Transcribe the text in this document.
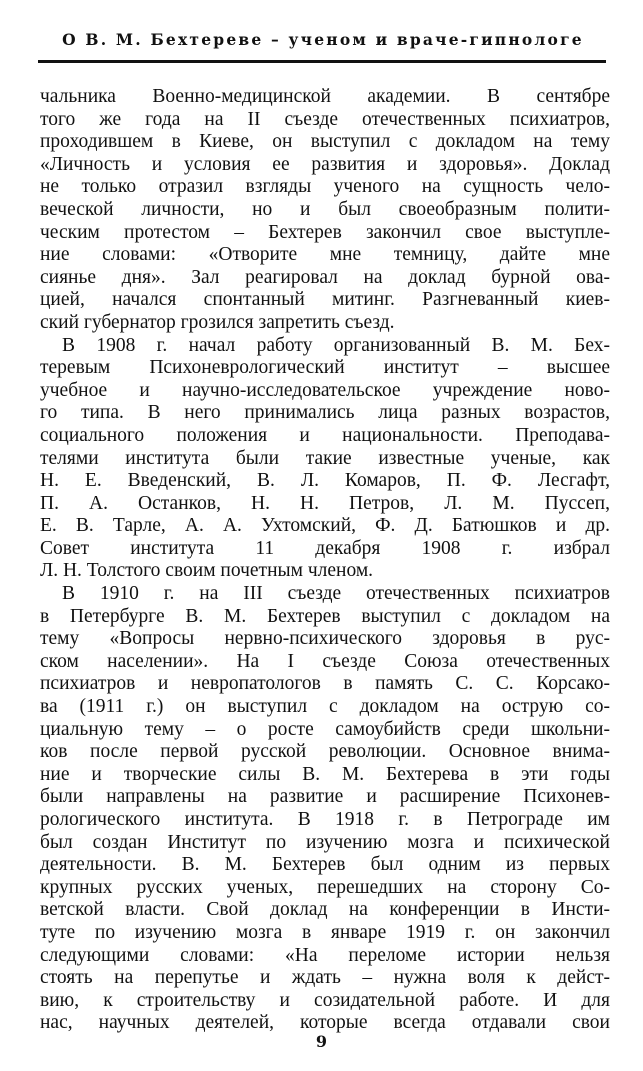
О В. М. Бехтереве – ученом и враче-гипнологе
чальника Военно-медицинской академии. В сентябре
того же года на II съезде отечественных психиатров,
проходившем в Киеве, он выступил с докладом на тему
«Личность и условия ее развития и здоровья». Доклад
не только отразил взгляды ученого на сущность чело-
веческой личности, но и был своеобразным полити-
ческим протестом – Бехтерев закончил свое выступле-
ние словами: «Отворите мне темницу, дайте мне
сиянье дня». Зал реагировал на доклад бурной ова-
цией, начался спонтанный митинг. Разгневанный киев-
ский губернатор грозился запретить съезд.
В 1908 г. начал работу организованный В. М. Бех-
теревым Психоневрологический институт – высшее
учебное и научно-исследовательское учреждение ново-
го типа. В него принимались лица разных возрастов,
социального положения и национальности. Преподава-
телями института были такие известные ученые, как
Н. Е. Введенский, В. Л. Комаров, П. Ф. Лесгафт,
П. А. Останков, Н. Н. Петров, Л. М. Пуссеп,
Е. В. Тарле, А. А. Ухтомский, Ф. Д. Батюшков и др.
Совет института 11 декабря 1908 г. избрал
Л. Н. Толстого своим почетным членом.
В 1910 г. на III съезде отечественных психиатров
в Петербурге В. М. Бехтерев выступил с докладом на
тему «Вопросы нервно-психического здоровья в рус-
ском населении». На I съезде Союза отечественных
психиатров и невропатологов в память С. С. Корсако-
ва (1911 г.) он выступил с докладом на острую со-
циальную тему – о росте самоубийств среди школьни-
ков после первой русской революции. Основное внима-
ние и творческие силы В. М. Бехтерева в эти годы
были направлены на развитие и расширение Психонев-
рологического института. В 1918 г. в Петрограде им
был создан Институт по изучению мозга и психической
деятельности. В. М. Бехтерев был одним из первых
крупных русских ученых, перешедших на сторону Со-
ветской власти. Свой доклад на конференции в Инсти-
туте по изучению мозга в январе 1919 г. он закончил
следующими словами: «На переломе истории нельзя
стоять на перепутье и ждать – нужна воля к дейст-
вию, к строительству и созидательной работе. И для
нас, научных деятелей, которые всегда отдавали свои
9
